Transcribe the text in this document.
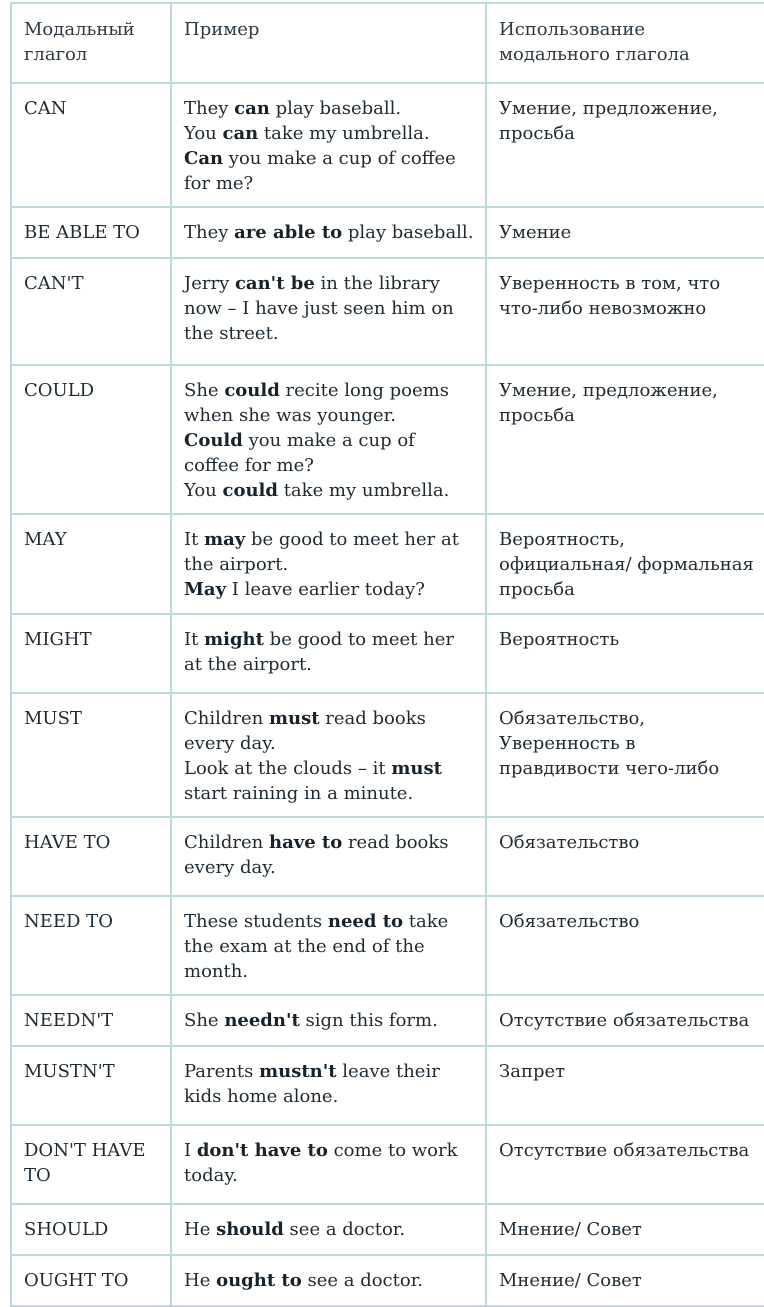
Модальный глагол	Пример	Использование модального глагола
CAN	They can play baseball.
You can take my umbrella.
Can you make a cup of coffee for me?	Умение, предложение, просьба
BE ABLE TO	They are able to play baseball.	Умение
CAN'T	Jerry can't be in the library now – I have just seen him on the street.	Уверенность в том, что что-либо невозможно
COULD	She could recite long poems when she was younger.
Could you make a cup of coffee for me?
You could take my umbrella.	Умение, предложение, просьба
MAY	It may be good to meet her at the airport.
May I leave earlier today?	Вероятность, официальная/ формальная просьба
MIGHT	It might be good to meet her at the airport.	Вероятность
MUST	Children must read books every day.
Look at the clouds – it must start raining in a minute.	Обязательство, Уверенность в правдивости чего-либо
HAVE TO	Children have to read books every day.	Обязательство
NEED TO	These students need to take the exam at the end of the month.	Обязательство
NEEDN'T	She needn't sign this form.	Отсутствие обязательства
MUSTN'T	Parents mustn't leave their kids home alone.	Запрет
DON'T HAVE TO	I don't have to come to work today.	Отсутствие обязательства
SHOULD	He should see a doctor.	Мнение/ Совет
OUGHT TO	He ought to see a doctor.	Мнение/ Совет
